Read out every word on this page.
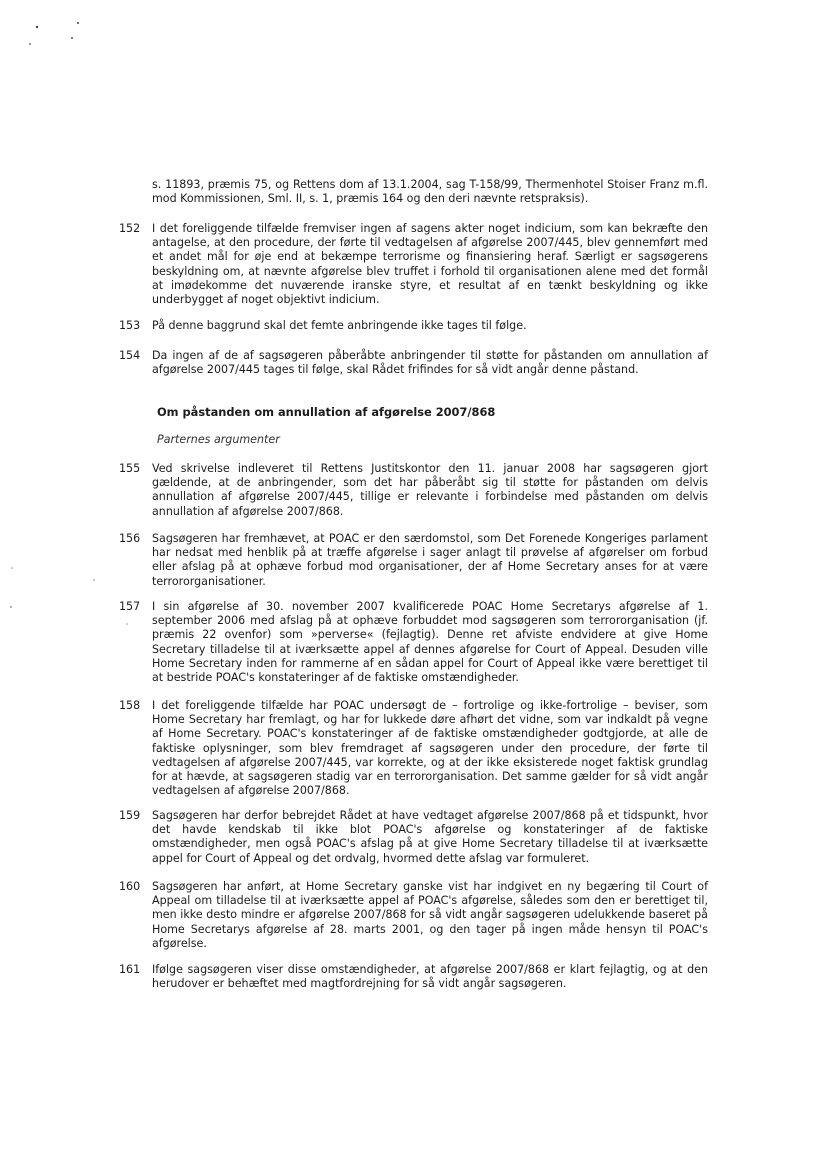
s. 11893, præmis 75, og Rettens dom af 13.1.2004, sag T-158/99, Thermenhotel Stoiser Franz m.fl. mod Kommissionen, Sml. II, s. 1, præmis 164 og den deri nævnte retspraksis).

152 I det foreliggende tilfælde fremviser ingen af sagens akter noget indicium, som kan bekræfte den antagelse, at den procedure, der førte til vedtagelsen af afgørelse 2007/445, blev gennemført med et andet mål for øje end at bekæmpe terrorisme og finansiering heraf. Særligt er sagsøgerens beskyldning om, at nævnte afgørelse blev truffet i forhold til organisationen alene med det formål at imødekomme det nuværende iranske styre, et resultat af en tænkt beskyldning og ikke underbygget af noget objektivt indicium.

153 På denne baggrund skal det femte anbringende ikke tages til følge.

154 Da ingen af de af sagsøgeren påberåbte anbringender til støtte for påstanden om annullation af afgørelse 2007/445 tages til følge, skal Rådet frifindes for så vidt angår denne påstand.

Om påstanden om annullation af afgørelse 2007/868
Parternes argumenter
155 Ved skrivelse indleveret til Rettens Justitskontor den 11. januar 2008 har sagsøgeren gjort gældende, at de anbringender, som det har påberåbt sig til støtte for påstanden om delvis annullation af afgørelse 2007/445, tillige er relevante i forbindelse med påstanden om delvis annullation af afgørelse 2007/868.

156 Sagsøgeren har fremhævet, at POAC er den særdomstol, som Det Forenede Kongeriges parlament har nedsat med henblik på at træffe afgørelse i sager anlagt til prøvelse af afgørelser om forbud eller afslag på at ophæve forbud mod organisationer, der af Home Secretary anses for at være terrororganisationer.

157 I sin afgørelse af 30. november 2007 kvalificerede POAC Home Secretarys afgørelse af 1. september 2006 med afslag på at ophæve forbuddet mod sagsøgeren som terrororganisation (jf. præmis 22 ovenfor) som »perverse« (fejlagtig). Denne ret afviste endvidere at give Home Secretary tilladelse til at iværksætte appel af dennes afgørelse for Court of Appeal. Desuden ville Home Secretary inden for rammerne af en sådan appel for Court of Appeal ikke være berettiget til at bestride POAC's konstateringer af de faktiske omstændigheder.

158 I det foreliggende tilfælde har POAC undersøgt de – fortrolige og ikke-fortrolige – beviser, som Home Secretary har fremlagt, og har for lukkede døre afhørt det vidne, som var indkaldt på vegne af Home Secretary. POAC's konstateringer af de faktiske omstændigheder godtgjorde, at alle de faktiske oplysninger, som blev fremdraget af sagsøgeren under den procedure, der førte til vedtagelsen af afgørelse 2007/445, var korrekte, og at der ikke eksisterede noget faktisk grundlag for at hævde, at sagsøgeren stadig var en terrororganisation. Det samme gælder for så vidt angår vedtagelsen af afgørelse 2007/868.

159 Sagsøgeren har derfor bebrejdet Rådet at have vedtaget afgørelse 2007/868 på et tidspunkt, hvor det havde kendskab til ikke blot POAC's afgørelse og konstateringer af de faktiske omstændigheder, men også POAC's afslag på at give Home Secretary tilladelse til at iværksætte appel for Court of Appeal og det ordvalg, hvormed dette afslag var formuleret.

160 Sagsøgeren har anført, at Home Secretary ganske vist har indgivet en ny begæring til Court of Appeal om tilladelse til at iværksætte appel af POAC's afgørelse, således som den er berettiget til, men ikke desto mindre er afgørelse 2007/868 for så vidt angår sagsøgeren udelukkende baseret på Home Secretarys afgørelse af 28. marts 2001, og den tager på ingen måde hensyn til POAC's afgørelse.

161 Ifølge sagsøgeren viser disse omstændigheder, at afgørelse 2007/868 er klart fejlagtig, og at den herudover er behæftet med magtfordrejning for så vidt angår sagsøgeren.
